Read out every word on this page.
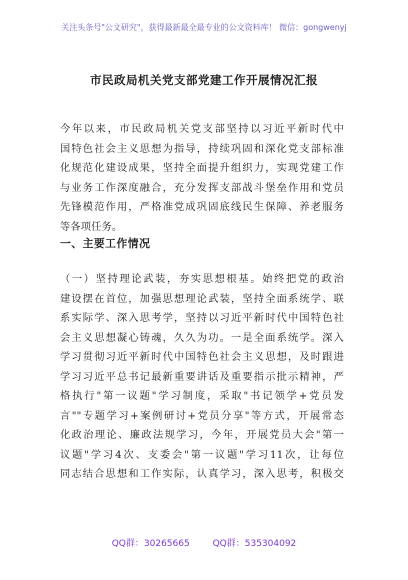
关注头条号"公文研究"，获得最新最全最专业的公文资料库！ 微信：gongwenyj
市民政局机关党支部党建工作开展情况汇报
今年以来，市民政局机关党支部坚持以习近平新时代中
国特色社会主义思想为指导，持续巩固和深化党支部标准
化规范化建设成果，坚持全面提升组织力，实现党建工作
与业务工作深度融合，充分发挥支部战斗堡垒作用和党员
先锋模范作用，严格准党成巩固底线民生保障、养老服务
等各项任务。
一、主要工作情况
（一）坚持理论武装，夯实思想根基。始终把党的政治
建设摆在首位，加强思想理论武装，坚持全面系统学、联
系实际学、深入思考学，坚持以习近平新时代中国特色社
会主义思想凝心铸魂，久久为功。一是全面系统学。深入
学习贯彻习近平新时代中国特色社会主义思想，及时跟进
学习习近平总书记最新重要讲话及重要指示批示精神，严
格执行"第一议题"学习制度，采取"书记领学+党员发
言""专题学习+案例研讨+党员分享"等方式，开展常态
化政治理论、廉政法规学习，今年，开展党员大会"第一
议题"学习4次、支委会"第一议题"学习11次，让每位
同志结合思想和工作实际，认真学习，深入思考，积极交
QQ群：30265665	QQ群：535304092
